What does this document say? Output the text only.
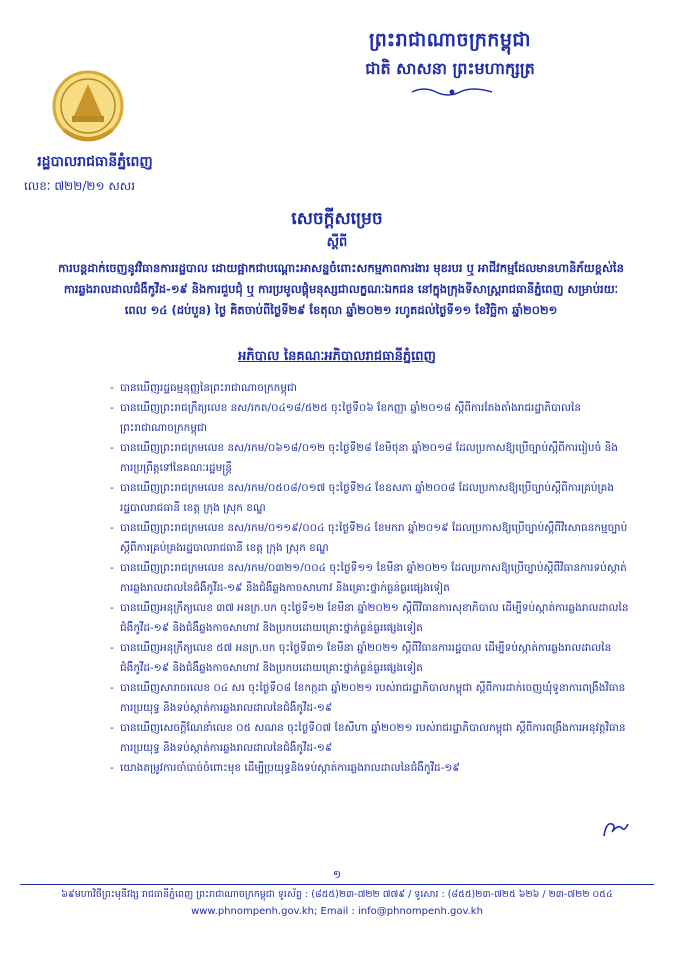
ព្រះរាជាណាចក្រកម្ពុជា
ជាតិ សាសនា ព្រះមហាក្សត្រ
រដ្ឋបាលរាជធានីភ្នំពេញ
លេខៈ ៧២២/២១ សសរ
សេចក្តីសម្រេច
ស្តីពី
ការបន្តដាក់ចេញនូវវិធានការរដ្ឋបាល ដោយផ្អាកជាបណ្តោះអាសន្នចំពោះសកម្មភាពការងារ មុខរបរ ឬ អាជីវកម្មដែលមានហានិភ័យខ្ពស់នៃការឆ្លងរាលដាលជំងឺកូវីដ-១៩ និងការជួបជុំ ឬ ការប្រមូលផ្តុំមនុស្សជាលក្ខណៈឯកជន នៅក្នុងក្រុងទីសាស្ត្ររាជធានីភ្នំពេញ សម្រាប់រយៈពេល ១៤ (ដប់បួន) ថ្ងៃ គិតចាប់ពីថ្ងៃទី២៩ ខែតុលា ឆ្នាំ២០២១ រហូតដល់ថ្ងៃទី១១ ខែវិច្ឆិកា ឆ្នាំ២០២១
អភិបាល នៃគណៈអភិបាលរាជធានីភ្នំពេញ
- បានឃើញរដ្ឋធម្មនុញ្ញនៃព្រះរាជាណាចក្រកម្ពុជា
- បានឃើញព្រះរាជក្រឹត្យលេខ នស/រកត/០៤១៨/៥២៥ ចុះថ្ងៃទី០៦ ខែកញ្ញា ឆ្នាំ២០១៨ ស្តីពីការតែងតាំងរាជរដ្ឋាភិបាលនៃព្រះរាជាណាចក្រកម្ពុជា
- បានឃើញព្រះរាជក្រមលេខ នស/រកម/០៦១៨/០១២ ចុះថ្ងៃទី២៨ ខែមិថុនា ឆ្នាំ២០១៨ ដែលប្រកាសឱ្យប្រើច្បាប់ស្តីពីការរៀបចំ និងការប្រព្រឹត្តទៅនៃគណៈរដ្ឋមន្ត្រី
- បានឃើញព្រះរាជក្រមលេខ នស/រកម/០៥០៨/០១៧ ចុះថ្ងៃទី២៤ ខែឧសភា ឆ្នាំ២០០៨ ដែលប្រកាសឱ្យប្រើច្បាប់ស្តីពីការគ្រប់គ្រងរដ្ឋបាលរាជធានី ខេត្ត ក្រុង ស្រុក ខណ្ឌ
- បានឃើញព្រះរាជក្រមលេខ នស/រកម/០១១៩/០០៤ ចុះថ្ងៃទី២៤ ខែមករា ឆ្នាំ២០១៩ ដែលប្រកាសឱ្យប្រើច្បាប់ស្តីពីវិសោធនកម្មច្បាប់ស្តីពីការគ្រប់គ្រងរដ្ឋបាលរាជធានី ខេត្ត ក្រុង ស្រុក ខណ្ឌ
- បានឃើញព្រះរាជក្រមលេខ នស/រកម/០៣២១/០០៤ ចុះថ្ងៃទី១១ ខែមីនា ឆ្នាំ២០២១ ដែលប្រកាសឱ្យប្រើច្បាប់ស្តីពីវិធានការទប់ស្កាត់ការឆ្លងរាលដាលនៃជំងឺកូវីដ-១៩ និងជំងឺឆ្លងកាចសាហាវ និងគ្រោះថ្នាក់ធ្ងន់ធ្ងរផ្សេងទៀត
- បានឃើញអនុក្រឹត្យលេខ ៣៧ អនក្រ.បក ចុះថ្ងៃទី១២ ខែមីនា ឆ្នាំ២០២១ ស្តីពីវិធានការសុខាភិបាល ដើម្បីទប់ស្កាត់ការឆ្លងរាលដាលនៃជំងឺកូវីដ-១៩ និងជំងឺឆ្លងកាចសាហាវ និងប្រកបដោយគ្រោះថ្នាក់ធ្ងន់ធ្ងរផ្សេងទៀត
- បានឃើញអនុក្រឹត្យលេខ ៥៧ អនក្រ.បក ចុះថ្ងៃទី៣១ ខែមីនា ឆ្នាំ២០២១ ស្តីពីវិធានការរដ្ឋបាល ដើម្បីទប់ស្កាត់ការឆ្លងរាលដាលនៃជំងឺកូវីដ-១៩ និងជំងឺឆ្លងកាចសាហាវ និងប្រកបដោយគ្រោះថ្នាក់ធ្ងន់ធ្ងរផ្សេងទៀត
- បានឃើញសារាចរលេខ ០៤ សរ ចុះថ្ងៃទី០៨ ខែកក្កដា ឆ្នាំ២០២១ របស់រាជរដ្ឋាភិបាលកម្ពុជា ស្តីពីការដាក់ចេញឃុំទូនាការពង្រឹងវិធានការប្រយុទ្ធ និងទប់ស្កាត់ការឆ្លងរាលដាលនៃជំងឺកូវីដ-១៩
- បានឃើញសេចក្តីណែនាំលេខ ០៥ សណន ចុះថ្ងៃទី០៧ ខែសីហា ឆ្នាំ២០២១ របស់រាជរដ្ឋាភិបាលកម្ពុជា ស្តីពីការពង្រឹងការអនុវត្តវិធានការប្រយុទ្ធ និងទប់ស្កាត់ការឆ្លងរាលដាលនៃជំងឺកូវីដ-១៩
- យោងតម្រូវការចាំបាច់ចំពោះមុខ ដើម្បីប្រយុទ្ធនិងទប់ស្កាត់ការឆ្លងរាលដាលនៃជំងឺកូវីដ-១៩
១
៦៩មហាវិថីព្រះមុនីវង្ស រាជធានីភ្នំពេញ ព្រះរាជាណាចក្រកម្ពុជា ទូរស័ព្ទ : (៨៥៥)២៣-៧២២ ៧៧៩ / ទូរសារ : (៨៥៥)២៣-៧២៥ ៦២៦ / ២៣-៧២២ ០៥៤
www.phnompenh.gov.kh; Email : info@phnompenh.gov.kh
